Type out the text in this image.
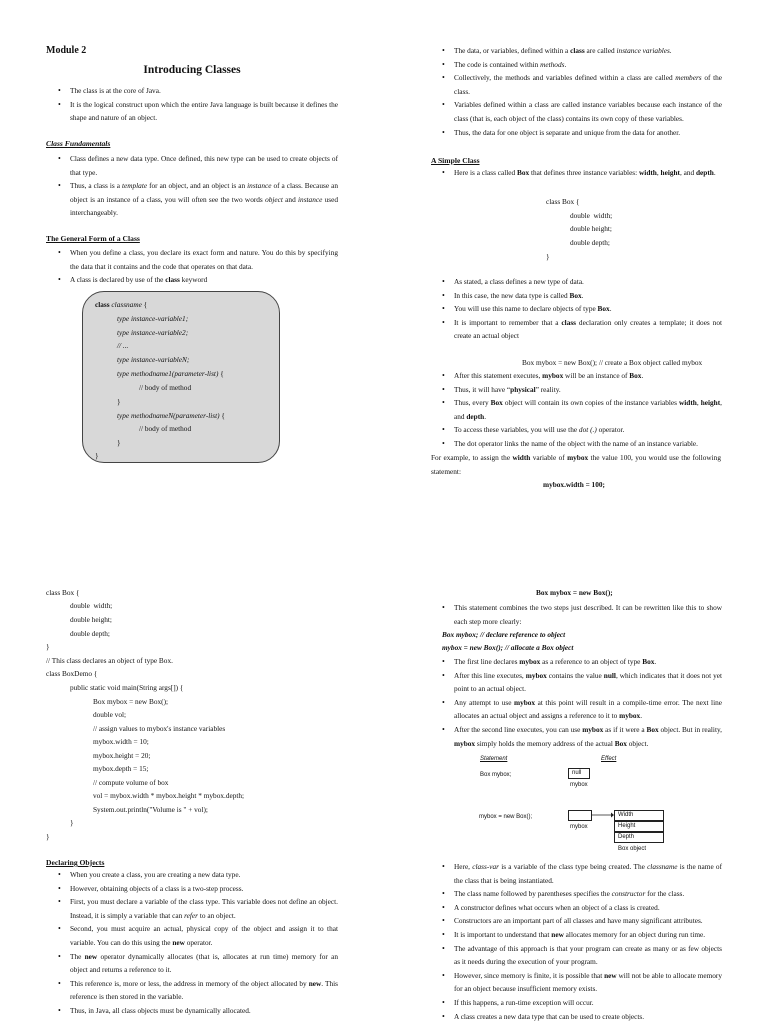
Module 2
Introducing Classes
• The class is at the core of Java.
• It is the logical construct upon which the entire Java language is built because it defines the shape and nature of an object.
Class Fundamentals
• Class defines a new data type. Once defined, this new type can be used to create objects of that type.
• Thus, a class is a template for an object, and an object is an instance of a class. Because an object is an instance of a class, you will often see the two words object and instance used interchangeably.
The General Form of a Class
• When you define a class, you declare its exact form and nature. You do this by specifying the data that it contains and the code that operates on that data.
• A class is declared by use of the class keyword
class classname {
type instance-variable1;
type instance-variable2;
// ...
type instance-variableN;
type methodname1(parameter-list) {
// body of method
}
type methodnameN(parameter-list) {
// body of method
}
}
• The data, or variables, defined within a class are called instance variables.
• The code is contained within methods.
• Collectively, the methods and variables defined within a class are called members of the class.
• Variables defined within a class are called instance variables because each instance of the class (that is, each object of the class) contains its own copy of these variables.
• Thus, the data for one object is separate and unique from the data for another.
A Simple Class
• Here is a class called Box that defines three instance variables: width, height, and depth.
class Box {
double  width;
double height;
double depth;
}
• As stated, a class defines a new type of data.
• In this case, the new data type is called Box.
• You will use this name to declare objects of type Box.
• It is important to remember that a class declaration only creates a template; it does not create an actual object
Box mybox = new Box(); // create a Box object called mybox
• After this statement executes, mybox will be an instance of Box.
• Thus, it will have “physical” reality.
• Thus, every Box object will contain its own copies of the instance variables width, height, and depth.
• To access these variables, you will use the dot (.) operator.
• The dot operator links the name of the object with the name of an instance variable.
For example, to assign the width variable of mybox the value 100, you would use the following statement:
mybox.width = 100;
class Box {
double  width;
double height;
double depth;
}
// This class declares an object of type Box.
class BoxDemo {
public static void main(String args[]) {
Box mybox = new Box();
double vol;
// assign values to mybox's instance variables
mybox.width = 10;
mybox.height = 20;
mybox.depth = 15;
// compute volume of box
vol = mybox.width * mybox.height * mybox.depth;
System.out.println("Volume is " + vol);
}
}
Declaring Objects
• When you create a class, you are creating a new data type.
• However, obtaining objects of a class is a two-step process.
• First, you must declare a variable of the class type. This variable does not define an object. Instead, it is simply a variable that can refer to an object.
• Second, you must acquire an actual, physical copy of the object and assign it to that variable. You can do this using the new operator.
• The new operator dynamically allocates (that is, allocates at run time) memory for an object and returns a reference to it.
• This reference is, more or less, the address in memory of the object allocated by new. This reference is then stored in the variable.
• Thus, in Java, all class objects must be dynamically allocated.
Box mybox = new Box();
• This statement combines the two steps just described. It can be rewritten like this to show each step more clearly:
Box mybox; // declare reference to object
mybox = new Box(); // allocate a Box object
• The first line declares mybox as a reference to an object of type Box.
• After this line executes, mybox contains the value null, which indicates that it does not yet point to an actual object.
• Any attempt to use mybox at this point will result in a compile-time error. The next line allocates an actual object and assigns a reference to it to mybox.
• After the second line executes, you can use mybox as if it were a Box object. But in reality, mybox simply holds the memory address of the actual Box object.
Statement	Effect
Box mybox;	null
mybox
mybox = new Box();
mybox
Width
Height
Depth
Box object
• Here, class-var is a variable of the class type being created. The classname is the name of the class that is being instantiated.
• The class name followed by parentheses specifies the constructor for the class.
• A constructor defines what occurs when an object of a class is created.
• Constructors are an important part of all classes and have many significant attributes.
• It is important to understand that new allocates memory for an object during run time.
• The advantage of this approach is that your program can create as many or as few objects as it needs during the execution of your program.
• However, since memory is finite, it is possible that new will not be able to allocate memory for an object because insufficient memory exists.
• If this happens, a run-time exception will occur.
• A class creates a new data type that can be used to create objects.
